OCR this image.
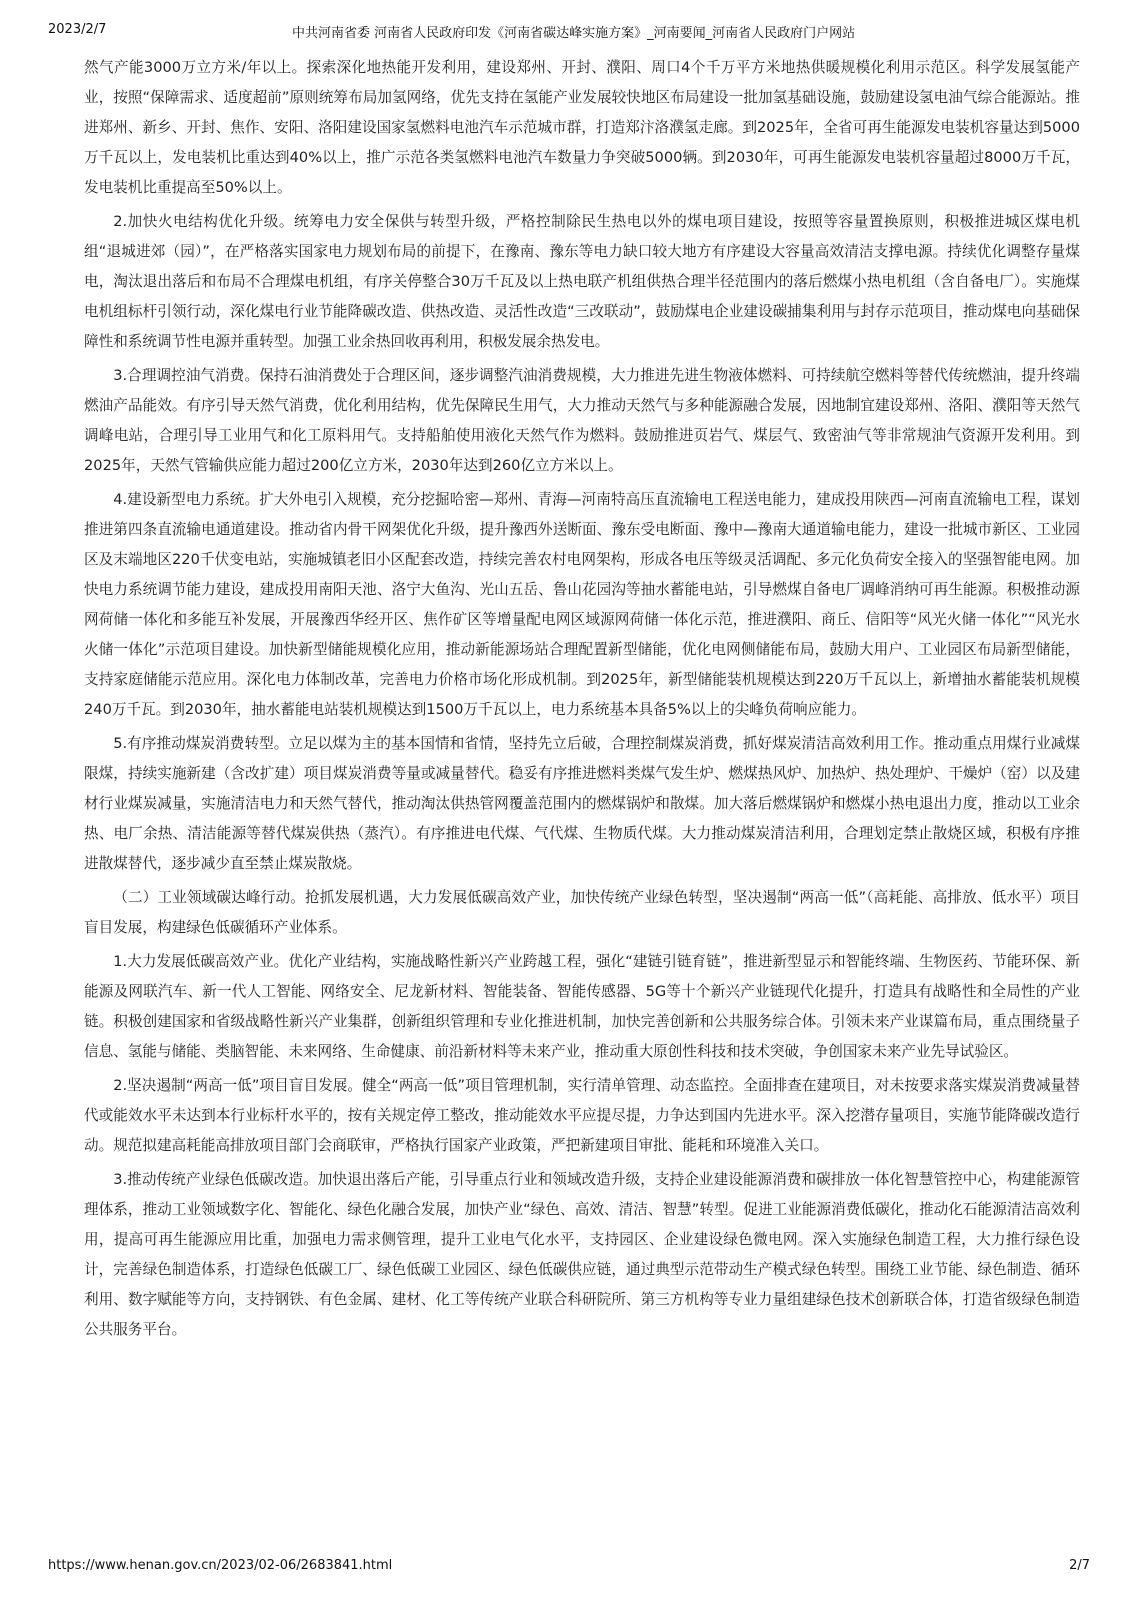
2023/2/7	中共河南省委 河南省人民政府印发《河南省碳达峰实施方案》_河南要闻_河南省人民政府门户网站

然气产能3000万立方米/年以上。探索深化地热能开发利用，建设郑州、开封、濮阳、周口4个千万平方米地热供暖规模化利用示范区。科学发展氢能产业，按照“保障需求、适度超前”原则统筹布局加氢网络，优先支持在氢能产业发展较快地区布局建设一批加氢基础设施，鼓励建设氢电油气综合能源站。推进郑州、新乡、开封、焦作、安阳、洛阳建设国家氢燃料电池汽车示范城市群，打造郑汴洛濮氢走廊。到2025年，全省可再生能源发电装机容量达到5000万千瓦以上，发电装机比重达到40%以上，推广示范各类氢燃料电池汽车数量力争突破5000辆。到2030年，可再生能源发电装机容量超过8000万千瓦，发电装机比重提高至50%以上。

2.加快火电结构优化升级。统筹电力安全保供与转型升级，严格控制除民生热电以外的煤电项目建设，按照等容量置换原则，积极推进城区煤电机组“退城进郊（园）”，在严格落实国家电力规划布局的前提下，在豫南、豫东等电力缺口较大地方有序建设大容量高效清洁支撑电源。持续优化调整存量煤电，淘汰退出落后和布局不合理煤电机组，有序关停整合30万千瓦及以上热电联产机组供热合理半径范围内的落后燃煤小热电机组（含自备电厂）。实施煤电机组标杆引领行动，深化煤电行业节能降碳改造、供热改造、灵活性改造“三改联动”，鼓励煤电企业建设碳捕集利用与封存示范项目，推动煤电向基础保障性和系统调节性电源并重转型。加强工业余热回收再利用，积极发展余热发电。

3.合理调控油气消费。保持石油消费处于合理区间，逐步调整汽油消费规模，大力推进先进生物液体燃料、可持续航空燃料等替代传统燃油，提升终端燃油产品能效。有序引导天然气消费，优化利用结构，优先保障民生用气，大力推动天然气与多种能源融合发展，因地制宜建设郑州、洛阳、濮阳等天然气调峰电站，合理引导工业用气和化工原料用气。支持船舶使用液化天然气作为燃料。鼓励推进页岩气、煤层气、致密油气等非常规油气资源开发利用。到2025年，天然气管输供应能力超过200亿立方米，2030年达到260亿立方米以上。

4.建设新型电力系统。扩大外电引入规模，充分挖掘哈密—郑州、青海—河南特高压直流输电工程送电能力，建成投用陕西—河南直流输电工程，谋划推进第四条直流输电通道建设。推动省内骨干网架优化升级，提升豫西外送断面、豫东受电断面、豫中—豫南大通道输电能力，建设一批城市新区、工业园区及末端地区220千伏变电站，实施城镇老旧小区配套改造，持续完善农村电网架构，形成各电压等级灵活调配、多元化负荷安全接入的坚强智能电网。加快电力系统调节能力建设，建成投用南阳天池、洛宁大鱼沟、光山五岳、鲁山花园沟等抽水蓄能电站，引导燃煤自备电厂调峰消纳可再生能源。积极推动源网荷储一体化和多能互补发展，开展豫西华经开区、焦作矿区等增量配电网区域源网荷储一体化示范，推进濮阳、商丘、信阳等“风光火储一体化”“风光水火储一体化”示范项目建设。加快新型储能规模化应用，推动新能源场站合理配置新型储能，优化电网侧储能布局，鼓励大用户、工业园区布局新型储能，支持家庭储能示范应用。深化电力体制改革，完善电力价格市场化形成机制。到2025年，新型储能装机规模达到220万千瓦以上，新增抽水蓄能装机规模240万千瓦。到2030年，抽水蓄能电站装机规模达到1500万千瓦以上，电力系统基本具备5%以上的尖峰负荷响应能力。

5.有序推动煤炭消费转型。立足以煤为主的基本国情和省情，坚持先立后破，合理控制煤炭消费，抓好煤炭清洁高效利用工作。推动重点用煤行业减煤限煤，持续实施新建（含改扩建）项目煤炭消费等量或减量替代。稳妥有序推进燃料类煤气发生炉、燃煤热风炉、加热炉、热处理炉、干燥炉（窑）以及建材行业煤炭减量，实施清洁电力和天然气替代，推动淘汰供热管网覆盖范围内的燃煤锅炉和散煤。加大落后燃煤锅炉和燃煤小热电退出力度，推动以工业余热、电厂余热、清洁能源等替代煤炭供热（蒸汽）。有序推进电代煤、气代煤、生物质代煤。大力推动煤炭清洁利用，合理划定禁止散烧区域，积极有序推进散煤替代，逐步减少直至禁止煤炭散烧。

（二）工业领域碳达峰行动。抢抓发展机遇，大力发展低碳高效产业，加快传统产业绿色转型，坚决遏制“两高一低”（高耗能、高排放、低水平）项目盲目发展，构建绿色低碳循环产业体系。

1.大力发展低碳高效产业。优化产业结构，实施战略性新兴产业跨越工程，强化“建链引链育链”，推进新型显示和智能终端、生物医药、节能环保、新能源及网联汽车、新一代人工智能、网络安全、尼龙新材料、智能装备、智能传感器、5G等十个新兴产业链现代化提升，打造具有战略性和全局性的产业链。积极创建国家和省级战略性新兴产业集群，创新组织管理和专业化推进机制，加快完善创新和公共服务综合体。引领未来产业谋篇布局，重点围绕量子信息、氢能与储能、类脑智能、未来网络、生命健康、前沿新材料等未来产业，推动重大原创性科技和技术突破，争创国家未来产业先导试验区。

2.坚决遏制“两高一低”项目盲目发展。健全“两高一低”项目管理机制，实行清单管理、动态监控。全面排查在建项目，对未按要求落实煤炭消费减量替代或能效水平未达到本行业标杆水平的，按有关规定停工整改，推动能效水平应提尽提，力争达到国内先进水平。深入挖潜存量项目，实施节能降碳改造行动。规范拟建高耗能高排放项目部门会商联审，严格执行国家产业政策，严把新建项目审批、能耗和环境准入关口。

3.推动传统产业绿色低碳改造。加快退出落后产能，引导重点行业和领域改造升级，支持企业建设能源消费和碳排放一体化智慧管控中心，构建能源管理体系，推动工业领域数字化、智能化、绿色化融合发展，加快产业“绿色、高效、清洁、智慧”转型。促进工业能源消费低碳化，推动化石能源清洁高效利用，提高可再生能源应用比重，加强电力需求侧管理，提升工业电气化水平，支持园区、企业建设绿色微电网。深入实施绿色制造工程，大力推行绿色设计，完善绿色制造体系，打造绿色低碳工厂、绿色低碳工业园区、绿色低碳供应链，通过典型示范带动生产模式绿色转型。围绕工业节能、绿色制造、循环利用、数字赋能等方向，支持钢铁、有色金属、建材、化工等传统产业联合科研院所、第三方机构等专业力量组建绿色技术创新联合体，打造省级绿色制造公共服务平台。

https://www.henan.gov.cn/2023/02-06/2683841.html	2/7
